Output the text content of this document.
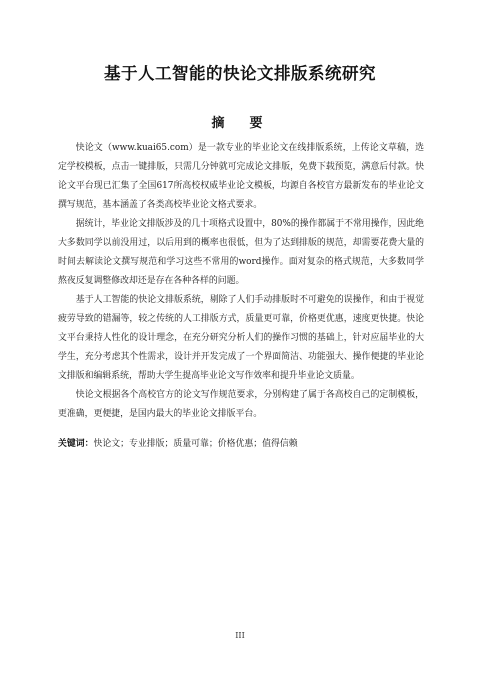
基于人工智能的快论文排版系统研究
摘　要

快论文（www.kuai65.com）是一款专业的毕业论文在线排版系统，上传论文草稿，选定学校模板，点击一键排版，只需几分钟就可完成论文排版，免费下载预览，满意后付款。快论文平台现已汇集了全国617所高校权威毕业论文模板，均源自各校官方最新发布的毕业论文撰写规范，基本涵盖了各类高校毕业论文格式要求。

据统计，毕业论文排版涉及的几十项格式设置中，80%的操作都属于不常用操作，因此绝大多数同学以前没用过，以后用到的概率也很低，但为了达到排版的规范，却需要花费大量的时间去解读论文撰写规范和学习这些不常用的word操作。面对复杂的格式规范，大多数同学熬夜反复调整修改却还是存在各种各样的问题。

基于人工智能的快论文排版系统，剔除了人们手动排版时不可避免的误操作，和由于视觉疲劳导致的错漏等，较之传统的人工排版方式，质量更可靠，价格更优惠，速度更快捷。快论文平台秉持人性化的设计理念，在充分研究分析人们的操作习惯的基础上，针对应届毕业的大学生，充分考虑其个性需求，设计并开发完成了一个界面简洁、功能强大、操作便捷的毕业论文排版和编辑系统，帮助大学生提高毕业论文写作效率和提升毕业论文质量。

快论文根据各个高校官方的论文写作规范要求，分别构建了属于各高校自己的定制模板，更准确，更便捷，是国内最大的毕业论文排版平台。

关键词：快论文；专业排版；质量可靠；价格优惠；值得信赖
III
